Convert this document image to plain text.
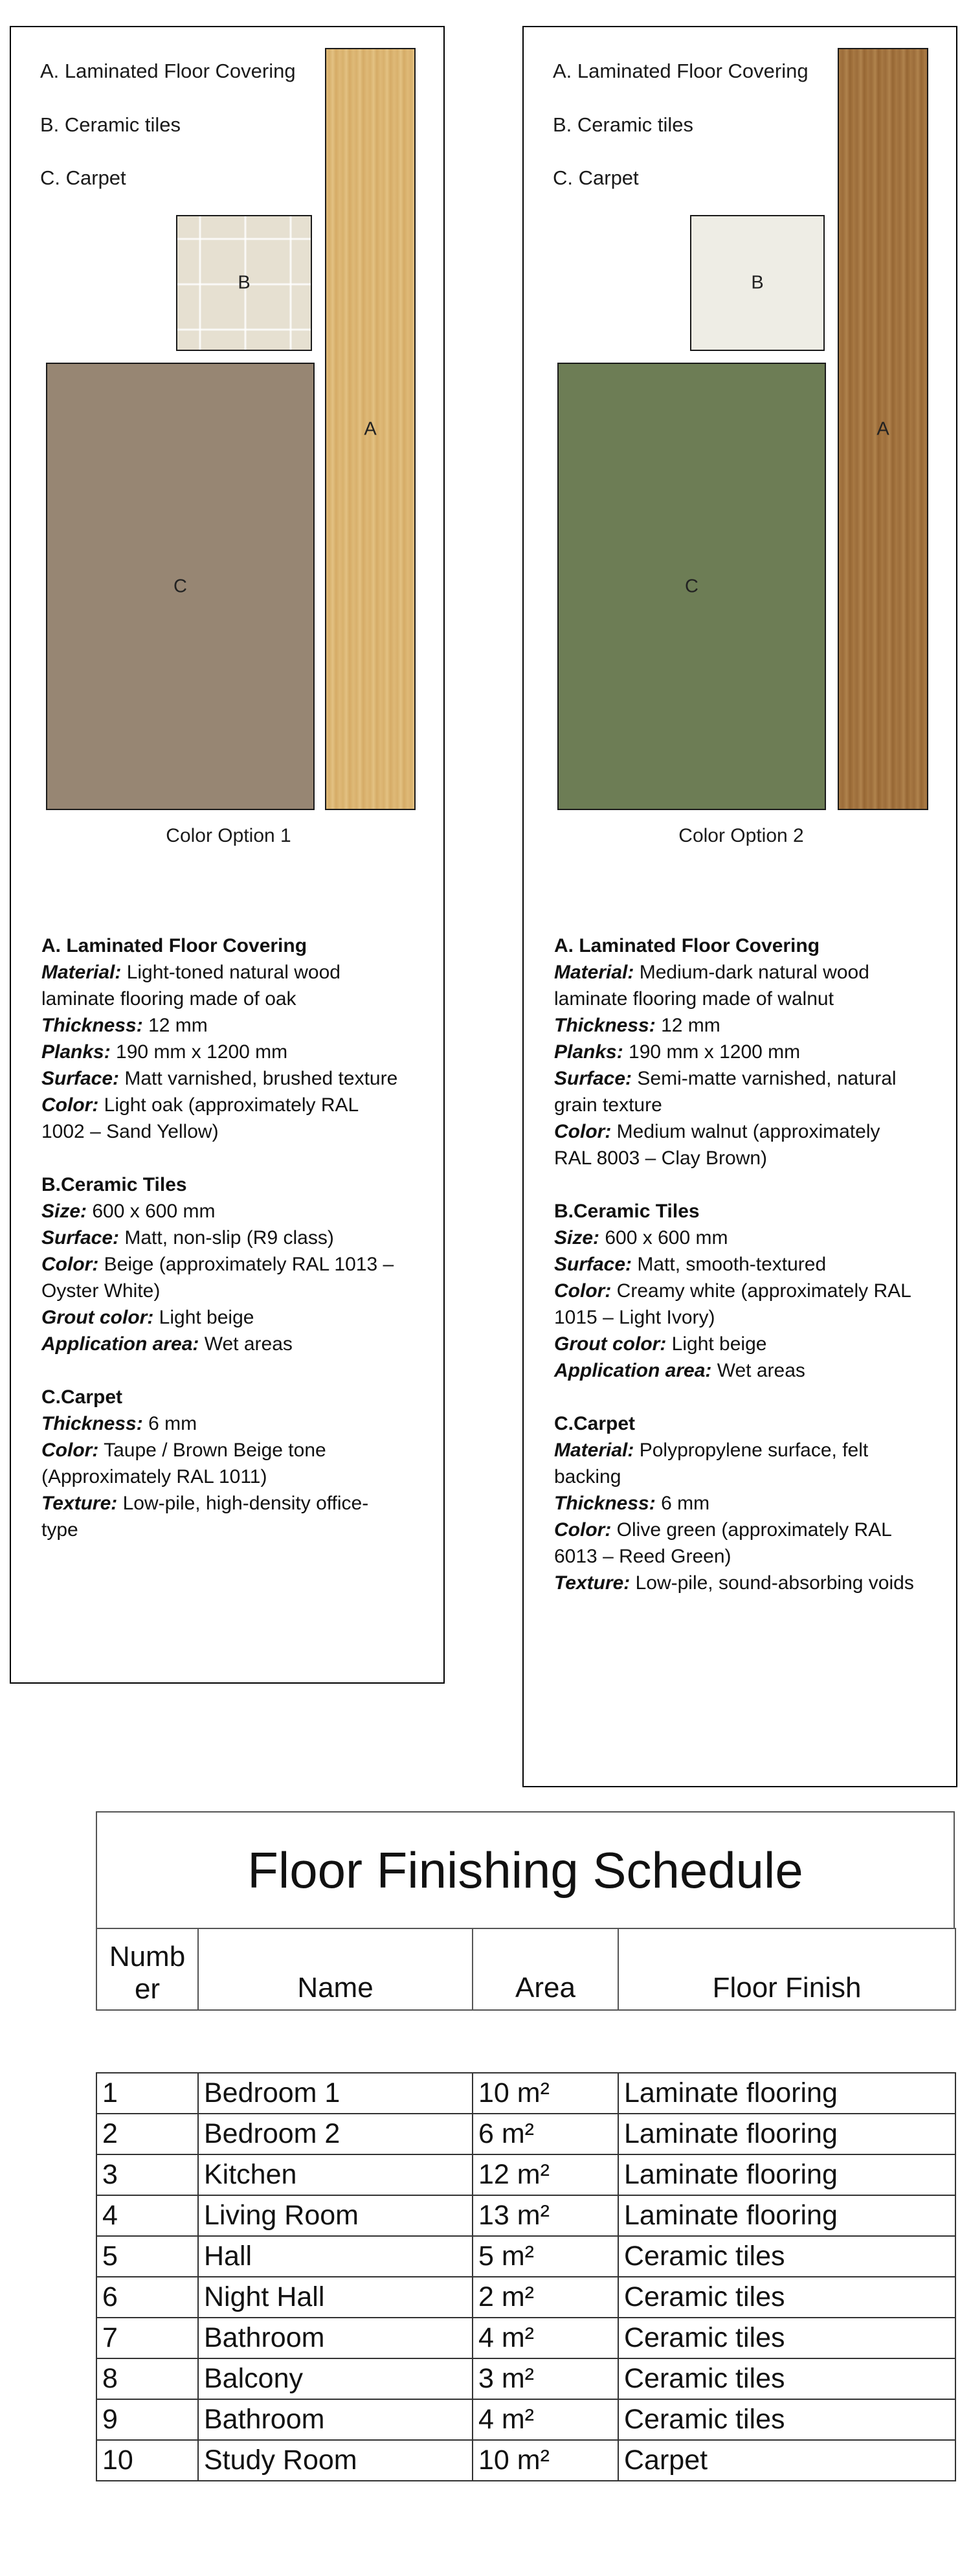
A. Laminated Floor Covering
B. Ceramic tiles
C. Carpet
A
B
C
Color Option 1
A. Laminated Floor Covering
Material: Light-toned natural wood laminate flooring made of oak
Thickness: 12 mm
Planks: 190 mm x 1200 mm
Surface: Matt varnished, brushed texture
Color: Light oak (approximately RAL 1002 – Sand Yellow)
B.Ceramic Tiles
Size: 600 x 600 mm
Surface: Matt, non-slip (R9 class)
Color: Beige (approximately RAL 1013 – Oyster White)
Grout color: Light beige
Application area: Wet areas
C.Carpet
Thickness: 6 mm
Color: Taupe / Brown Beige tone (Approximately RAL 1011)
Texture: Low-pile, high-density office-type
A. Laminated Floor Covering
B. Ceramic tiles
C. Carpet
A
B
C
Color Option 2
A. Laminated Floor Covering
Material: Medium-dark natural wood laminate flooring made of walnut
Thickness: 12 mm
Planks: 190 mm x 1200 mm
Surface: Semi-matte varnished, natural grain texture
Color: Medium walnut (approximately RAL 8003 – Clay Brown)
B.Ceramic Tiles
Size: 600 x 600 mm
Surface: Matt, smooth-textured
Color: Creamy white (approximately RAL 1015 – Light Ivory)
Grout color: Light beige
Application area: Wet areas
C.Carpet
Material: Polypropylene surface, felt backing
Thickness: 6 mm
Color: Olive green (approximately RAL 6013 – Reed Green)
Texture: Low-pile, sound-absorbing voids
Floor Finishing Schedule
Numb
er	Name	Area	Floor Finish
1	Bedroom 1	10 m²	Laminate flooring
2	Bedroom 2	6 m²	Laminate flooring
3	Kitchen	12 m²	Laminate flooring
4	Living Room	13 m²	Laminate flooring
5	Hall	5 m²	Ceramic tiles
6	Night Hall	2 m²	Ceramic tiles
7	Bathroom	4 m²	Ceramic tiles
8	Balcony	3 m²	Ceramic tiles
9	Bathroom	4 m²	Ceramic tiles
10	Study Room	10 m²	Carpet
